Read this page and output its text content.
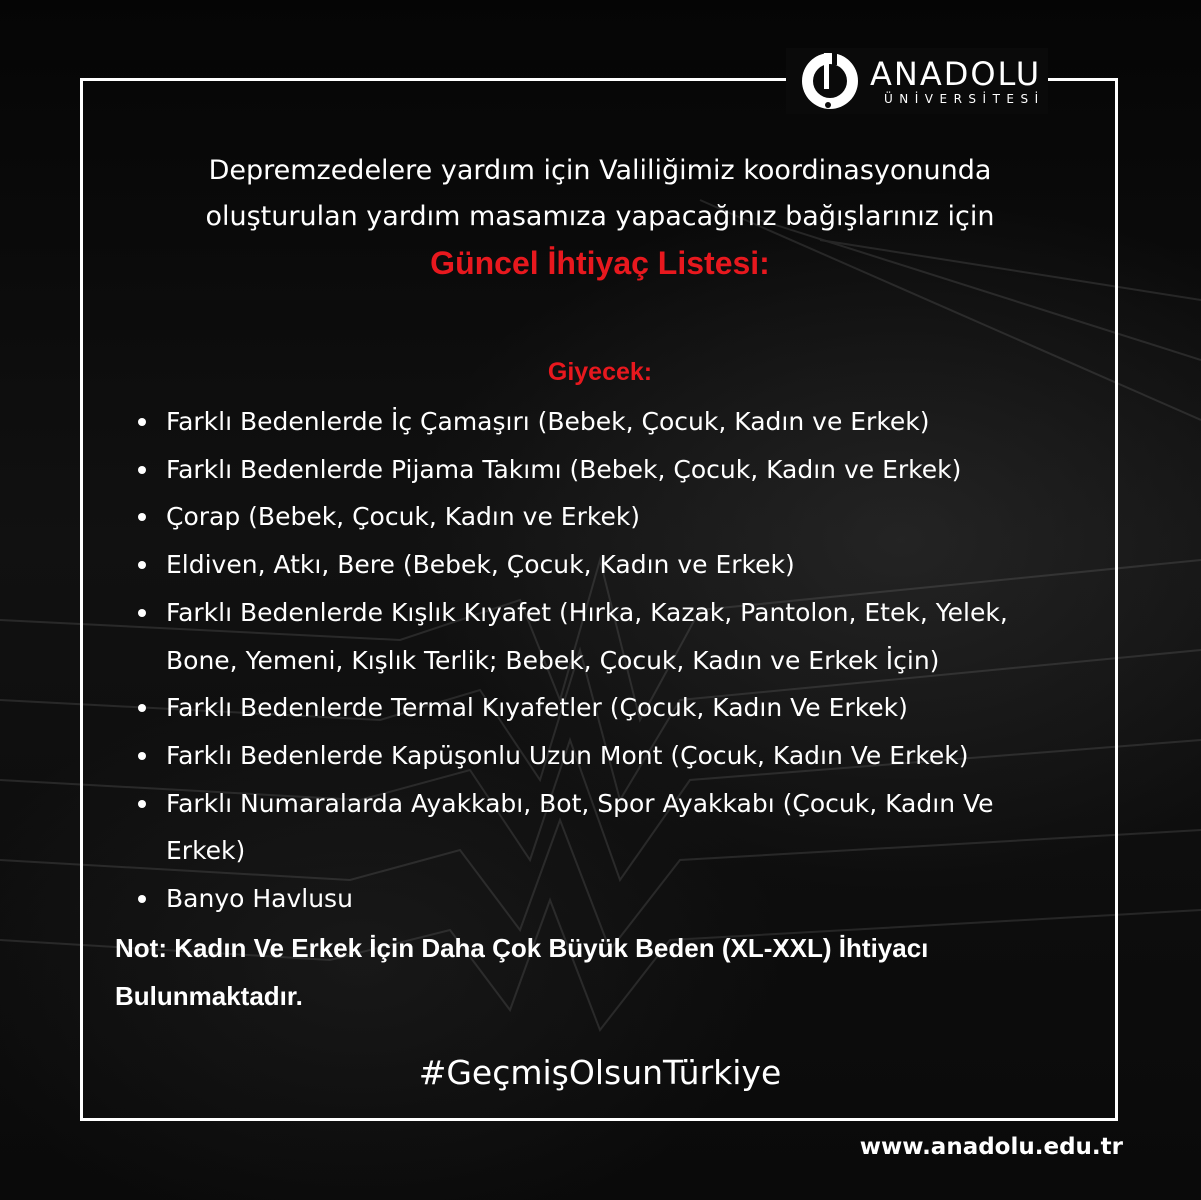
ANADOLU
ÜNİVERSİTESİ
Depremzedelere yardım için Valiliğimiz koordinasyonunda
oluşturulan yardım masamıza yapacağınız bağışlarınız için
Güncel İhtiyaç Listesi:
Giyecek:
Farklı Bedenlerde İç Çamaşırı (Bebek, Çocuk, Kadın ve Erkek)
Farklı Bedenlerde Pijama Takımı (Bebek, Çocuk, Kadın ve Erkek)
Çorap (Bebek, Çocuk, Kadın ve Erkek)
Eldiven, Atkı, Bere (Bebek, Çocuk, Kadın ve Erkek)
Farklı Bedenlerde Kışlık Kıyafet (Hırka, Kazak, Pantolon, Etek, Yelek, Bone, Yemeni, Kışlık Terlik; Bebek, Çocuk, Kadın ve Erkek İçin)
Farklı Bedenlerde Termal Kıyafetler (Çocuk, Kadın Ve Erkek)
Farklı Bedenlerde Kapüşonlu Uzun Mont (Çocuk, Kadın Ve Erkek)
Farklı Numaralarda Ayakkabı, Bot, Spor Ayakkabı (Çocuk, Kadın Ve Erkek)
Banyo Havlusu
Not: Kadın Ve Erkek İçin Daha Çok Büyük Beden (XL-XXL) İhtiyacı Bulunmaktadır.
#GeçmişOlsunTürkiye
www.anadolu.edu.tr
